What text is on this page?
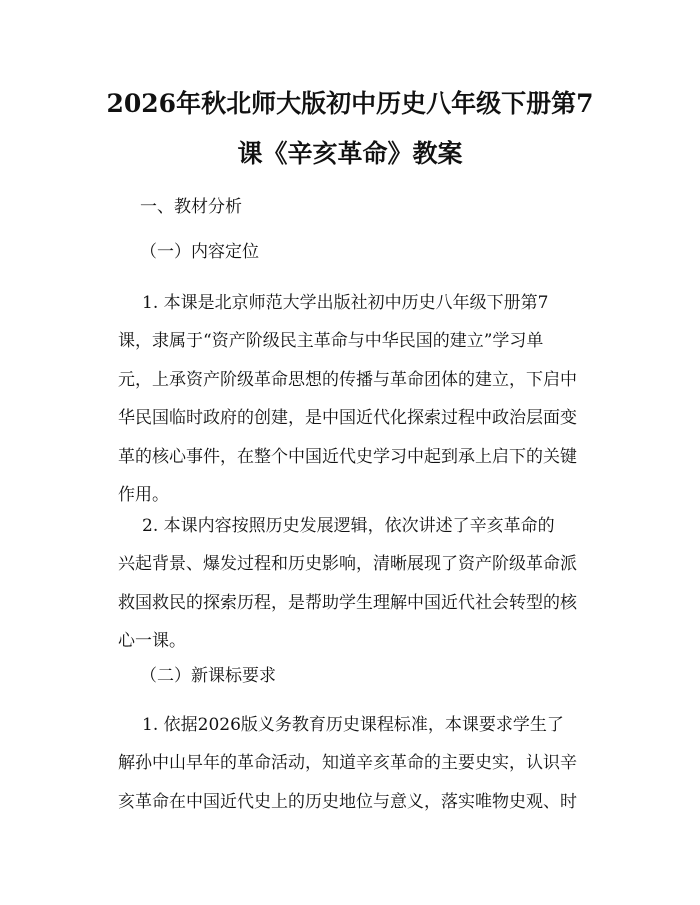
2026年秋北师大版初中历史八年级下册第7
课《辛亥革命》教案
一、教材分析
（一）内容定位
1. 本课是北京师范大学出版社初中历史八年级下册第7
课，隶属于“资产阶级民主革命与中华民国的建立”学习单
元，上承资产阶级革命思想的传播与革命团体的建立，下启中
华民国临时政府的创建，是中国近代化探索过程中政治层面变
革的核心事件，在整个中国近代史学习中起到承上启下的关键
作用。
2. 本课内容按照历史发展逻辑，依次讲述了辛亥革命的
兴起背景、爆发过程和历史影响，清晰展现了资产阶级革命派
救国救民的探索历程，是帮助学生理解中国近代社会转型的核
心一课。
（二）新课标要求
1. 依据2026版义务教育历史课程标准，本课要求学生了
解孙中山早年的革命活动，知道辛亥革命的主要史实，认识辛
亥革命在中国近代史上的历史地位与意义，落实唯物史观、时
